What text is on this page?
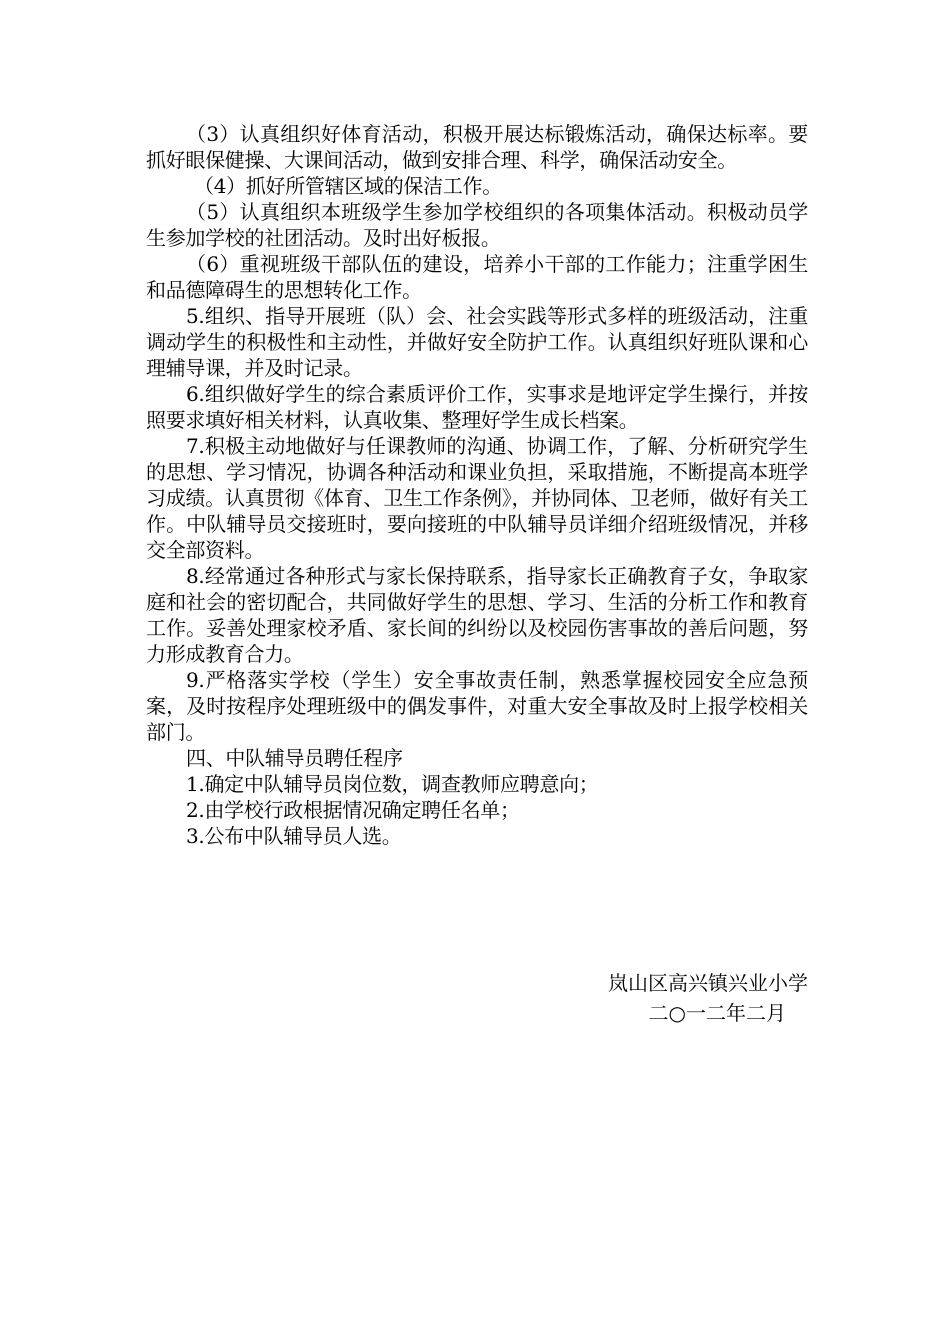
（3）认真组织好体育活动，积极开展达标锻炼活动，确保达标率。要抓好眼保健操、大课间活动，做到安排合理、科学，确保活动安全。

（4）抓好所管辖区域的保洁工作。

（5）认真组织本班级学生参加学校组织的各项集体活动。积极动员学生参加学校的社团活动。及时出好板报。

（6）重视班级干部队伍的建设，培养小干部的工作能力；注重学困生和品德障碍生的思想转化工作。

5.组织、指导开展班（队）会、社会实践等形式多样的班级活动，注重调动学生的积极性和主动性，并做好安全防护工作。认真组织好班队课和心理辅导课，并及时记录。

6.组织做好学生的综合素质评价工作，实事求是地评定学生操行，并按照要求填好相关材料，认真收集、整理好学生成长档案。

7.积极主动地做好与任课教师的沟通、协调工作，了解、分析研究学生的思想、学习情况，协调各种活动和课业负担，采取措施，不断提高本班学习成绩。认真贯彻《体育、卫生工作条例》，并协同体、卫老师，做好有关工作。中队辅导员交接班时，要向接班的中队辅导员详细介绍班级情况，并移交全部资料。

8.经常通过各种形式与家长保持联系，指导家长正确教育子女，争取家庭和社会的密切配合，共同做好学生的思想、学习、生活的分析工作和教育工作。妥善处理家校矛盾、家长间的纠纷以及校园伤害事故的善后问题，努力形成教育合力。

9.严格落实学校（学生）安全事故责任制，熟悉掌握校园安全应急预案，及时按程序处理班级中的偶发事件，对重大安全事故及时上报学校相关部门。

四、中队辅导员聘任程序

1.确定中队辅导员岗位数，调查教师应聘意向；

2.由学校行政根据情况确定聘任名单；

3.公布中队辅导员人选。

岚山区高兴镇兴业小学
二○一二年二月
